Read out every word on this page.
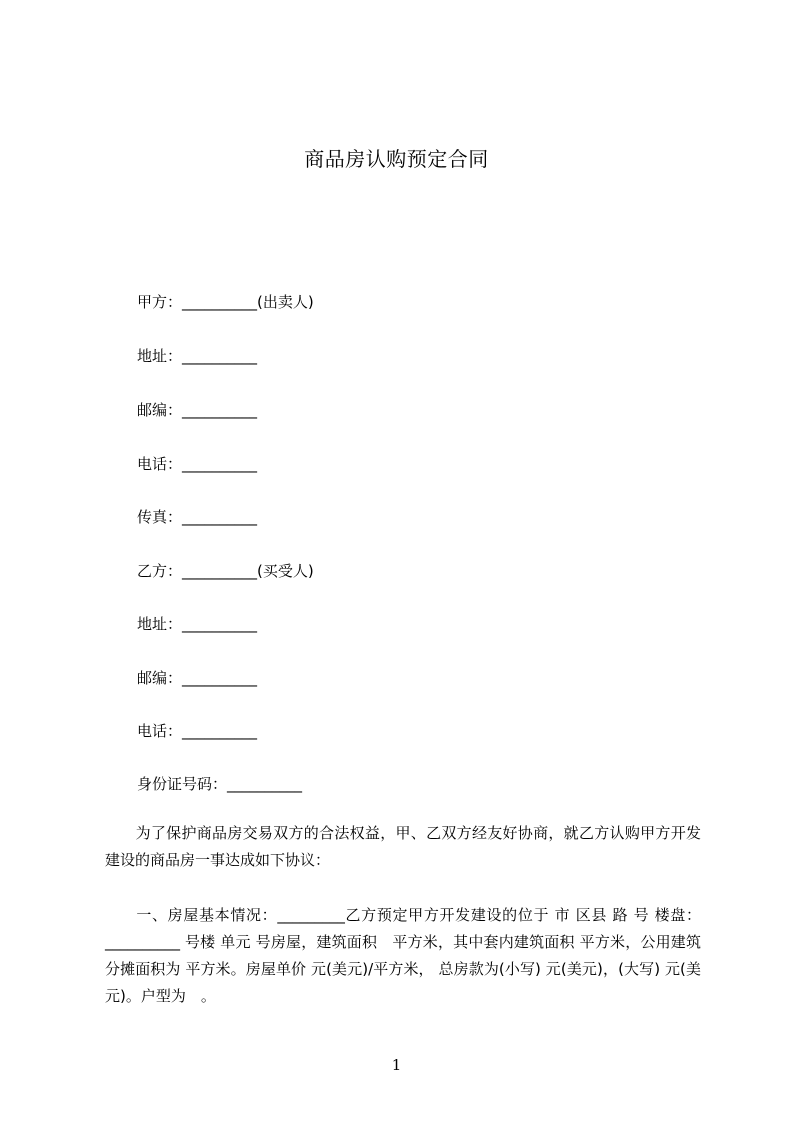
商品房认购预定合同
甲方：__________(出卖人)
地址：__________
邮编：__________
电话：__________
传真：__________
乙方：__________(买受人)
地址：__________
邮编：__________
电话：__________
身份证号码：__________

　　为了保护商品房交易双方的合法权益，甲、乙双方经友好协商，就乙方认购甲方开发建设的商品房一事达成如下协议：

　　一、房屋基本情况：_________乙方预定甲方开发建设的位于 市 区县 路 号 楼盘：__________ 号楼 单元 号房屋，建筑面积　平方米，其中套内建筑面积 平方米，公用建筑分摊面积为 平方米。房屋单价 元(美元)/平方米， 总房款为(小写) 元(美元)，(大写) 元(美元)。户型为　。

1
